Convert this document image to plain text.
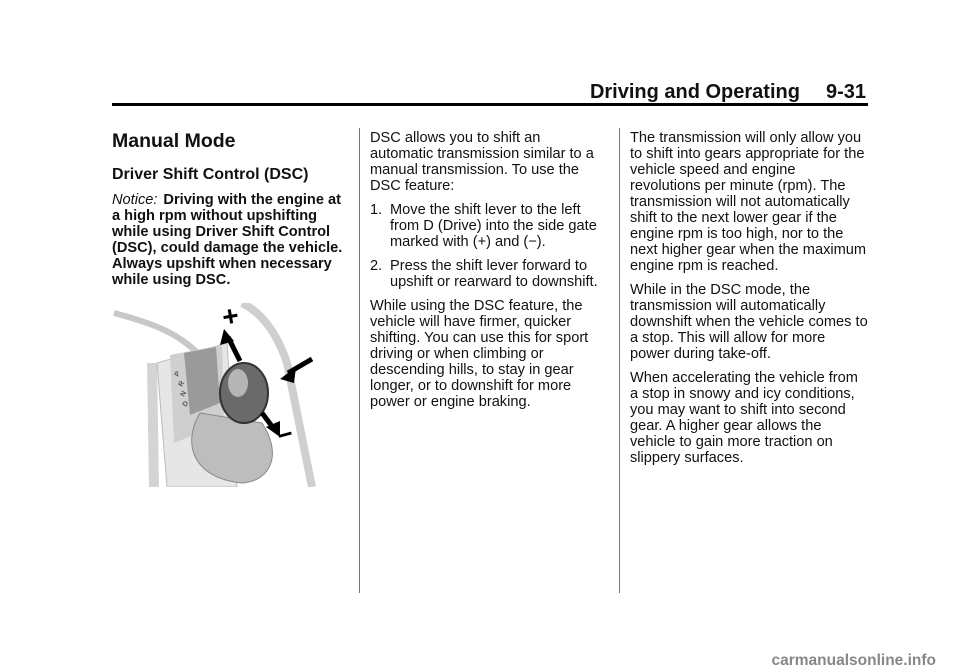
Driving and Operating 9-31
Manual Mode
Driver Shift Control (DSC)

Notice: Driving with the engine at a high rpm without upshifting while using Driver Shift Control (DSC), could damage the vehicle. Always upshift when necessary while using DSC.

P
R
N
D
+
−

DSC allows you to shift an automatic transmission similar to a manual transmission. To use the DSC feature:

1. Move the shift lever to the left from D (Drive) into the side gate marked with (+) and (−).
2. Press the shift lever forward to upshift or rearward to downshift.

While using the DSC feature, the vehicle will have firmer, quicker shifting. You can use this for sport driving or when climbing or descending hills, to stay in gear longer, or to downshift for more power or engine braking.

The transmission will only allow you to shift into gears appropriate for the vehicle speed and engine revolutions per minute (rpm). The transmission will not automatically shift to the next lower gear if the engine rpm is too high, nor to the next higher gear when the maximum engine rpm is reached.

While in the DSC mode, the transmission will automatically downshift when the vehicle comes to a stop. This will allow for more power during take-off.

When accelerating the vehicle from a stop in snowy and icy conditions, you may want to shift into second gear. A higher gear allows the vehicle to gain more traction on slippery surfaces.

carmanualsonline.info
